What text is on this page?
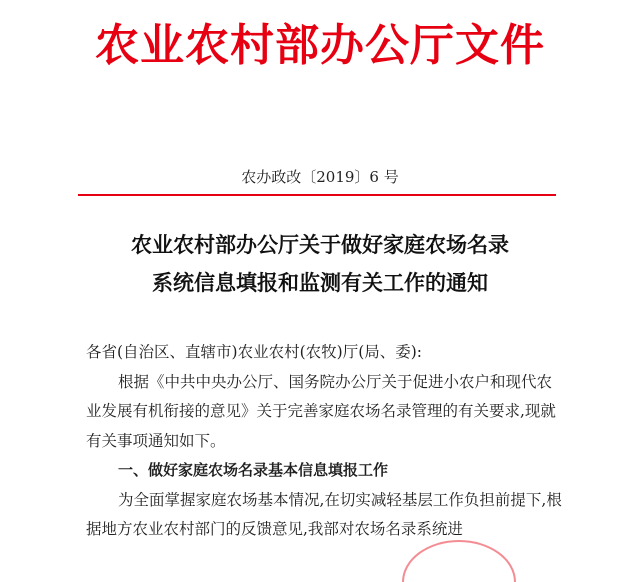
农业农村部办公厅文件
农办政改〔2019〕6 号
农业农村部办公厅关于做好家庭农场名录
系统信息填报和监测有关工作的通知

各省(自治区、直辖市)农业农村(农牧)厅(局、委):

根据《中共中央办公厅、国务院办公厅关于促进小农户和现代农业发展有机衔接的意见》关于完善家庭农场名录管理的有关要求,现就有关事项通知如下。

一、做好家庭农场名录基本信息填报工作

为全面掌握家庭农场基本情况,在切实减轻基层工作负担前提下,根据地方农业农村部门的反馈意见,我部对农场名录系统进
